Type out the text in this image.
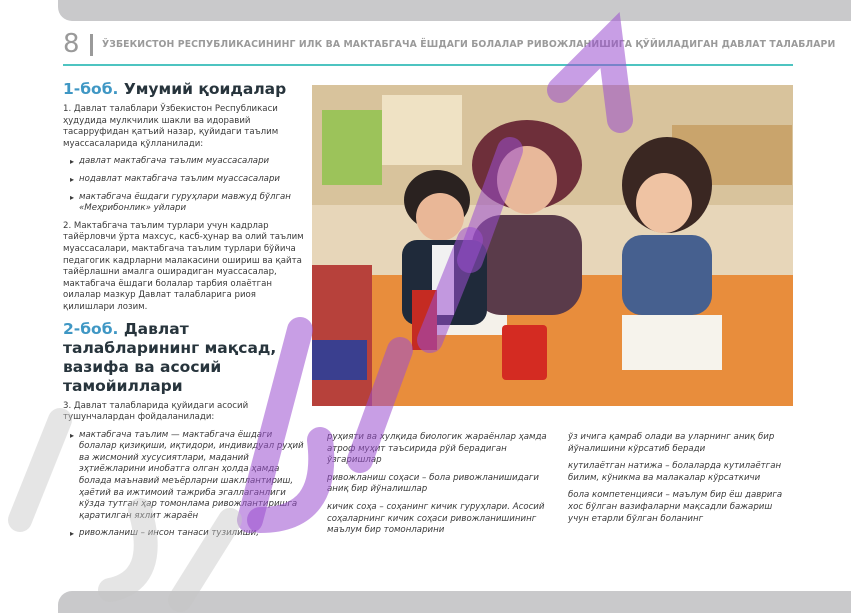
8 ЎЗБЕКИСТОН РЕСПУБЛИКАСИНИНГ ИЛК ВА МАКТАБГАЧА ЁШДАГИ БОЛАЛАР РИВОЖЛАНИШИГА ҚЎЙИЛАДИГАН ДАВЛАТ ТАЛАБЛАРИ
1-боб. Умумий қоидалар

1. Давлат талаблари Ўзбекистон Республикаси ҳудудида мулкчилик шакли ва идоравий тасарруфидан қатъий назар, қуйидаги таълим муассасаларида қўлланилади:

▸ давлат мактабгача таълим муассасалари
▸ нодавлат мактабгача таълим муассасалари
▸ мактабгача ёшдаги гуруҳлари мавжуд бўлган «Меҳрибонлик» уйлари

2. Мактабгача таълим турлари учун кадрлар тайёрловчи ўрта махсус, касб-ҳунар ва олий таълим муассасалари, мактабгача таълим турлари бўйича педагогик кадрларни малакасини ошириш ва қайта тайёрлашни амалга оширадиган муассасалар, мактабгача ёшдаги болалар тарбия олаётган оилалар мазкур Давлат талабларига риоя қилишлари лозим.

2-боб. Давлат талабларининг мақсад, вазифа ва асосий тамойиллари

3. Давлат талабларида қуйидаги асосий тушунчалардан фойдаланилади:

▸ мактабгача таълим — мактабгача ёшдаги болалар қизиқиши, иқтидори, индивидуал руҳий ва жисмоний хусусиятлари, маданий эҳтиёжларини инобатга олган ҳолда ҳамда болада маънавий меъёрларни шакллантириш, ҳаётий ва ижтимоий тажриба эгаллаганлиги кўзда тутган ҳар томонлама ривожлантиришга қаратилган яхлит жараён
▸ ривожланиш – инсон танаси тузилиши,

руҳияти ва хулқида биологик жараёнлар ҳамда атроф муҳит таъсирида рўй берадиган ўзгаришлар

ривожланиш соҳаси – бола ривожланишидаги аниқ бир йўналишлар
кичик соҳа – соҳанинг кичик гуруҳлари. Асосий соҳаларнинг кичик соҳаси ривожланишининг маълум бир томонларини

ўз ичига қамраб олади ва уларнинг аниқ бир йўналишини кўрсатиб беради

кутилаётган натижа – болаларда кутилаётган билим, кўникма ва малакалар кўрсаткичи
бола компетенцияси – маълум бир ёш даврига хос бўлган вазифаларни мақсадли бажариш учун етарли бўлган боланинг
